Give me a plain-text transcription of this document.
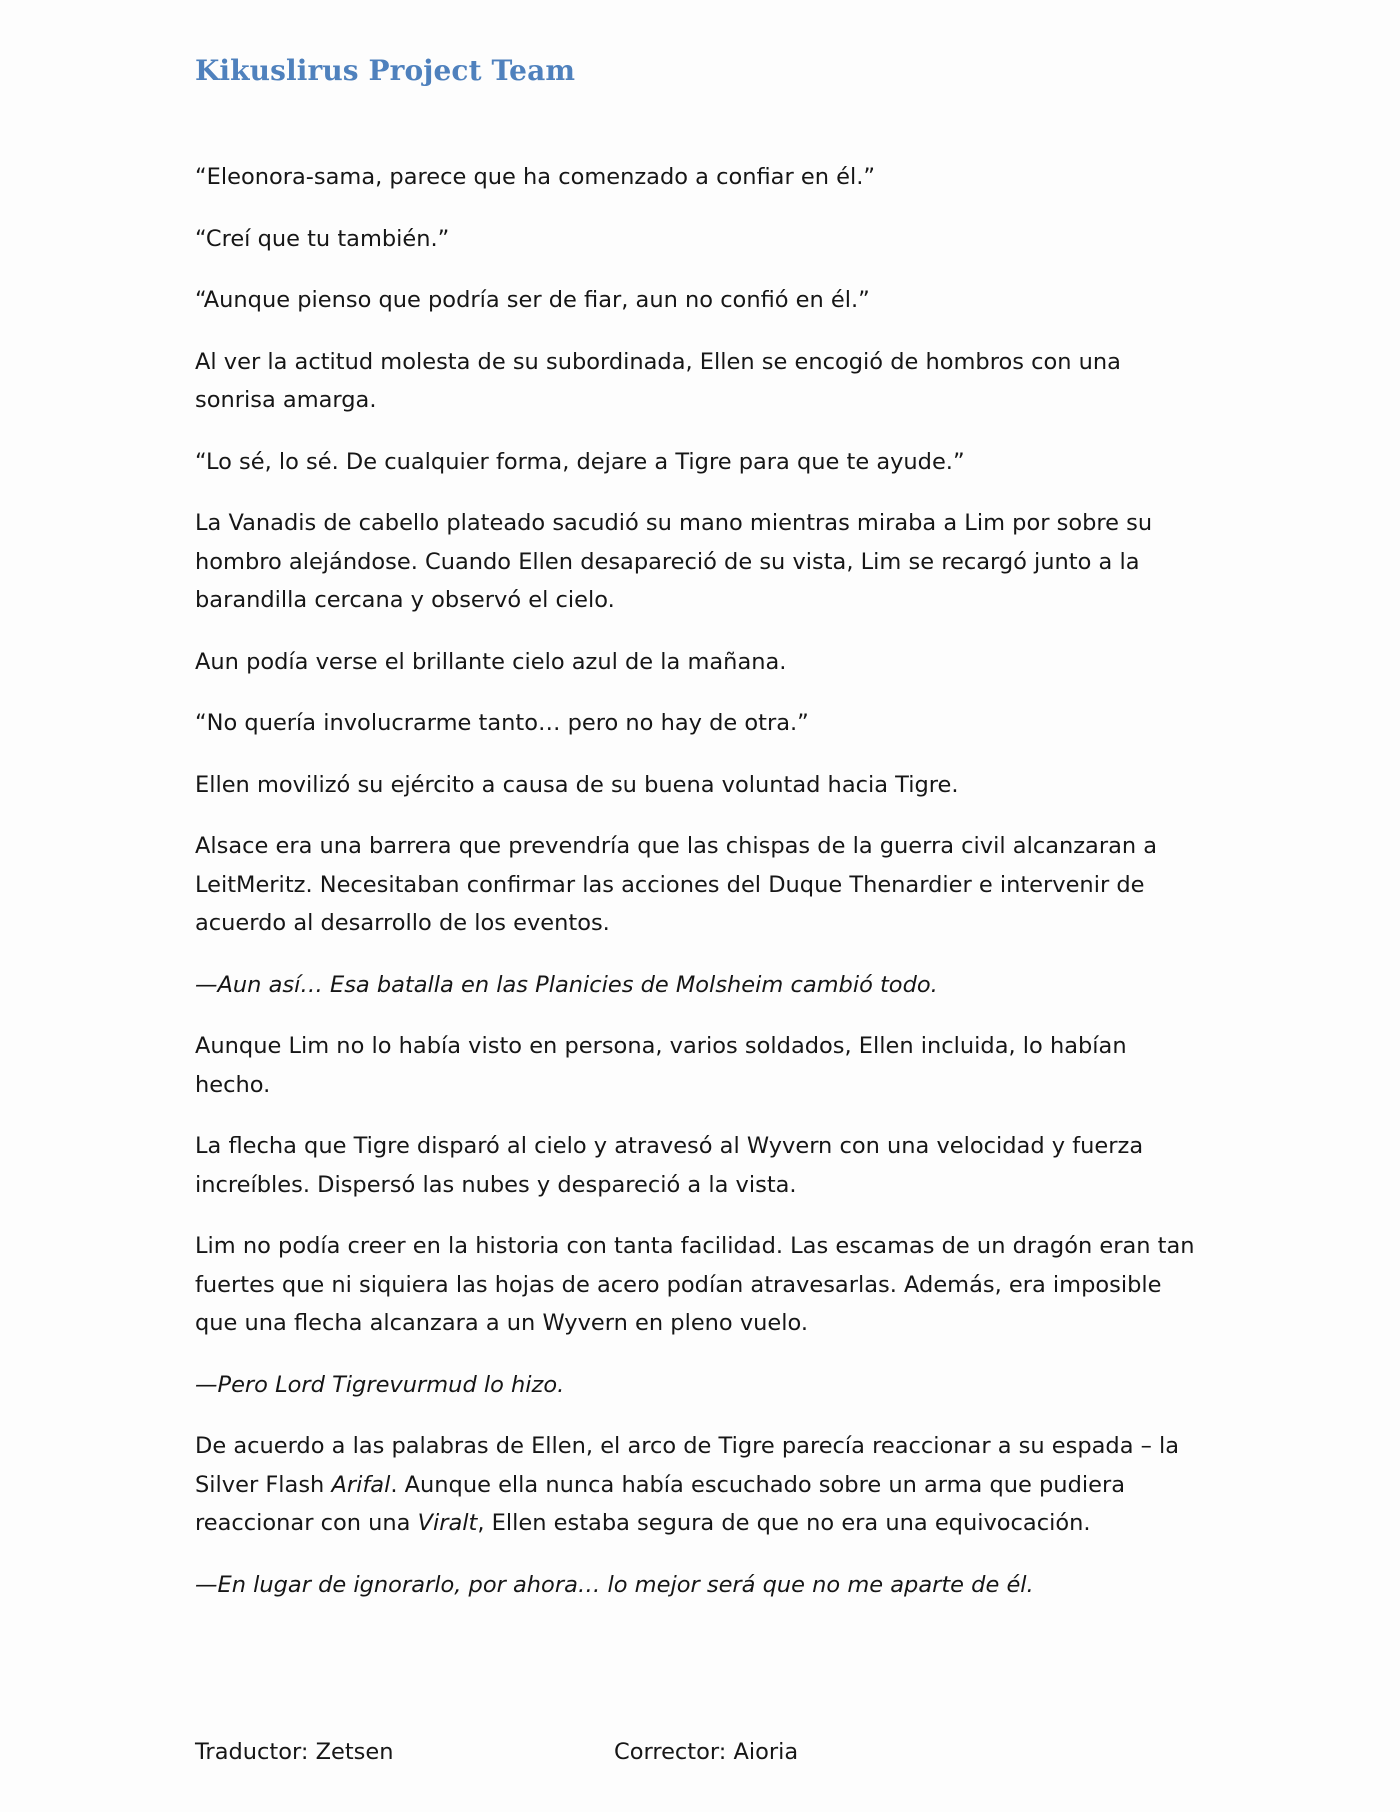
Kikuslirus Project Team

“Eleonora-sama, parece que ha comenzado a confiar en él.”

“Creí que tu también.”

“Aunque pienso que podría ser de fiar, aun no confió en él.”

Al ver la actitud molesta de su subordinada, Ellen se encogió de hombros con una sonrisa amarga.

“Lo sé, lo sé. De cualquier forma, dejare a Tigre para que te ayude.”

La Vanadis de cabello plateado sacudió su mano mientras miraba a Lim por sobre su hombro alejándose. Cuando Ellen desapareció de su vista, Lim se recargó junto a la barandilla cercana y observó el cielo.

Aun podía verse el brillante cielo azul de la mañana.

“No quería involucrarme tanto… pero no hay de otra.”

Ellen movilizó su ejército a causa de su buena voluntad hacia Tigre.

Alsace era una barrera que prevendría que las chispas de la guerra civil alcanzaran a LeitMeritz. Necesitaban confirmar las acciones del Duque Thenardier e intervenir de acuerdo al desarrollo de los eventos.

—Aun así… Esa batalla en las Planicies de Molsheim cambió todo.

Aunque Lim no lo había visto en persona, varios soldados, Ellen incluida, lo habían hecho.

La flecha que Tigre disparó al cielo y atravesó al Wyvern con una velocidad y fuerza increíbles. Dispersó las nubes y despareció a la vista.

Lim no podía creer en la historia con tanta facilidad. Las escamas de un dragón eran tan fuertes que ni siquiera las hojas de acero podían atravesarlas. Además, era imposible que una flecha alcanzara a un Wyvern en pleno vuelo.

—Pero Lord Tigrevurmud lo hizo.

De acuerdo a las palabras de Ellen, el arco de Tigre parecía reaccionar a su espada – la Silver Flash Arifal. Aunque ella nunca había escuchado sobre un arma que pudiera reaccionar con una Viralt, Ellen estaba segura de que no era una equivocación.

—En lugar de ignorarlo, por ahora… lo mejor será que no me aparte de él.

Traductor: Zetsen	Corrector: Aioria
